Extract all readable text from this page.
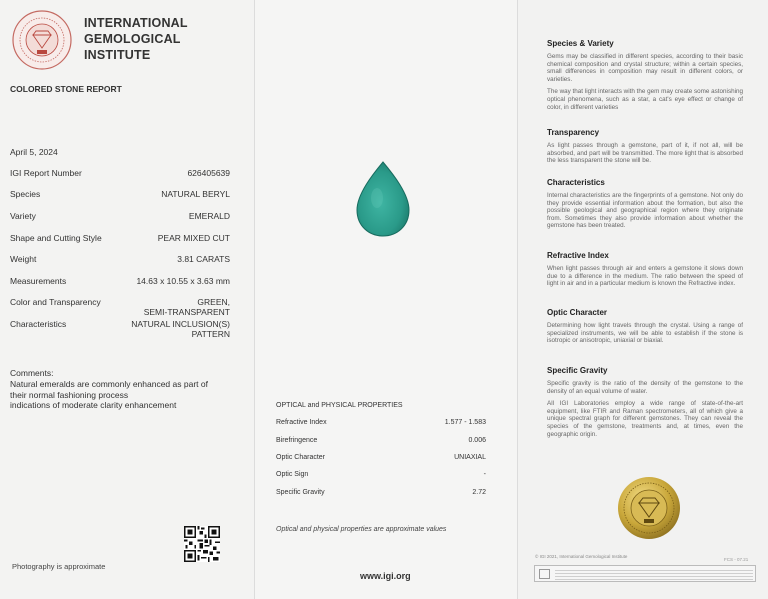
INTERNATIONAL
GEMOLOGICAL
INSTITUTE
COLORED STONE REPORT
April 5, 2024
IGI Report Number	626405639
Species	NATURAL BERYL
Variety	EMERALD
Shape and Cutting Style	PEAR MIXED CUT
Weight	3.81 CARATS
Measurements	14.63 x 10.55 x 3.63 mm
Color and Transparency	GREEN,
SEMI-TRANSPARENT
Characteristics	NATURAL INCLUSION(S)
PATTERN
Comments:
Natural emeralds are commonly enhanced as part of
their normal fashioning process
indications of moderate clarity enhancement
Photography is approximate
OPTICAL and PHYSICAL PROPERTIES
Refractive Index	1.577 - 1.583
Birefringence	0.006
Optic Character	UNIAXIAL
Optic Sign	-
Specific Gravity	2.72
Optical and physical properties are approximate values
www.igi.org
Species & Variety

Gems may be classified in different species, according to their basic chemical composition and crystal structure; within a certain species, small differences in composition may result in different colors, or varieties.

The way that light interacts with the gem may create some astonishing optical phenomena, such as a star, a cat's eye effect or change of color, in different varieties

Transparency

As light passes through a gemstone, part of it, if not all, will be absorbed, and part will be transmitted. The more light that is absorbed the less transparent the stone will be.

Characteristics

Internal characteristics are the fingerprints of a gemstone. Not only do they provide essential information about the formation, but also the possible geological and geographical region where they originate from. Sometimes they also provide information about whether the gemstone has been treated.

Refractive Index

When light passes through air and enters a gemstone it slows down due to a difference in the medium. The ratio between the speed of light in air and in a particular medium is known the Refractive index.

Optic Character

Determining how light travels through the crystal. Using a range of specialized instruments, we will be able to establish if the stone is isotropic or anisotropic, uniaxial or biaxial.

Specific Gravity

Specific gravity is the ratio of the density of the gemstone to the density of an equal volume of water.

All IGI Laboratories employ a wide range of state-of-the-art equipment, like FTIR and Raman spectrometers, all of which give a unique spectral graph for different gemstones. They can reveal the species of the gemstone, treatments and, at times, even the geographic origin.

© IGI 2021, International Gemological Institute
FCS - 07.21
